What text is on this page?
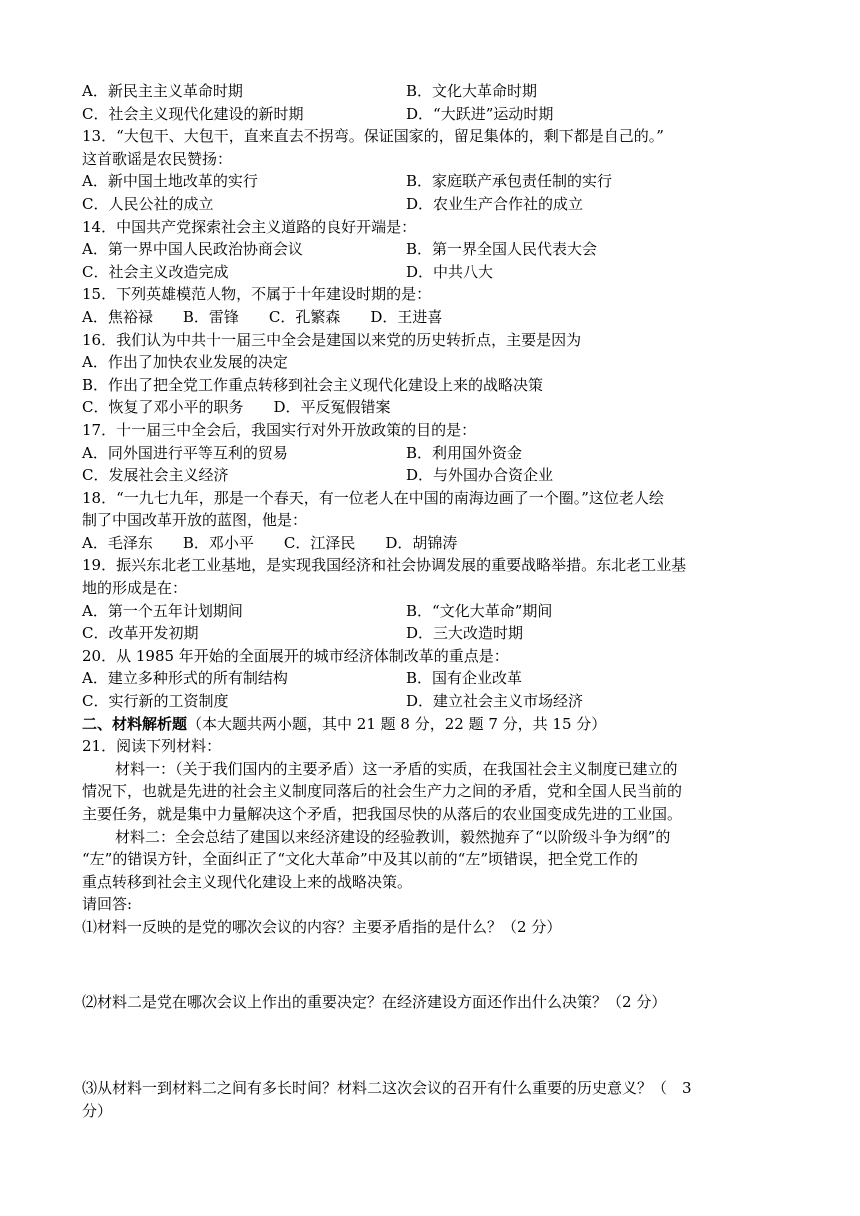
A．新民主主义革命时期	B．文化大革命时期
C．社会主义现代化建设的新时期	D．“大跃进”运动时期
13．“大包干、大包干，直来直去不拐弯。保证国家的，留足集体的，剩下都是自己的。”
这首歌谣是农民赞扬：
A．新中国土地改革的实行	B．家庭联产承包责任制的实行
C．人民公社的成立	D．农业生产合作社的成立
14．中国共产党探索社会主义道路的良好开端是：
A．第一界中国人民政治协商会议	B．第一界全国人民代表大会
C．社会主义改造完成	D．中共八大
15．下列英雄模范人物，不属于十年建设时期的是：
A．焦裕禄　　B．雷锋　　C．孔繁森　　D．王进喜
16．我们认为中共十一届三中全会是建国以来党的历史转折点，主要是因为
A．作出了加快农业发展的决定
B．作出了把全党工作重点转移到社会主义现代化建设上来的战略决策
C．恢复了邓小平的职务　　D．平反冤假错案
17．十一届三中全会后，我国实行对外开放政策的目的是：
A．同外国进行平等互利的贸易	B．利用国外资金
C．发展社会主义经济	D．与外国办合资企业
18．“一九七九年，那是一个春天，有一位老人在中国的南海边画了一个圈。”这位老人绘
制了中国改革开放的蓝图，他是：
A．毛泽东　　B．邓小平　　C．江泽民　　D．胡锦涛
19．振兴东北老工业基地，是实现我国经济和社会协调发展的重要战略举措。东北老工业基
地的形成是在：
A．第一个五年计划期间	B．“文化大革命”期间
C．改革开发初期	D．三大改造时期
20．从 1985 年开始的全面展开的城市经济体制改革的重点是：
A．建立多种形式的所有制结构	B．国有企业改革
C．实行新的工资制度	D．建立社会主义市场经济
二、材料解析题（本大题共两小题，其中 21 题 8 分，22 题 7 分，共 15 分）
21．阅读下列材料：
材料一：（关于我们国内的主要矛盾）这一矛盾的实质，在我国社会主义制度已建立的
情况下，也就是先进的社会主义制度同落后的社会生产力之间的矛盾，党和全国人民当前的
主要任务，就是集中力量解决这个矛盾，把我国尽快的从落后的农业国变成先进的工业国。
材料二：全会总结了建国以来经济建设的经验教训，毅然抛弃了“以阶级斗争为纲”的
“左”的错误方针，全面纠正了“文化大革命”中及其以前的“左”顷错误，把全党工作的
重点转移到社会主义现代化建设上来的战略决策。
请回答:
⑴材料一反映的是党的哪次会议的内容？主要矛盾指的是什么？（2 分）
⑵材料二是党在哪次会议上作出的重要决定？在经济建设方面还作出什么决策？（2 分）
⑶从材料一到材料二之间有多长时间？材料二这次会议的召开有什么重要的历史意义？（　3
分）
